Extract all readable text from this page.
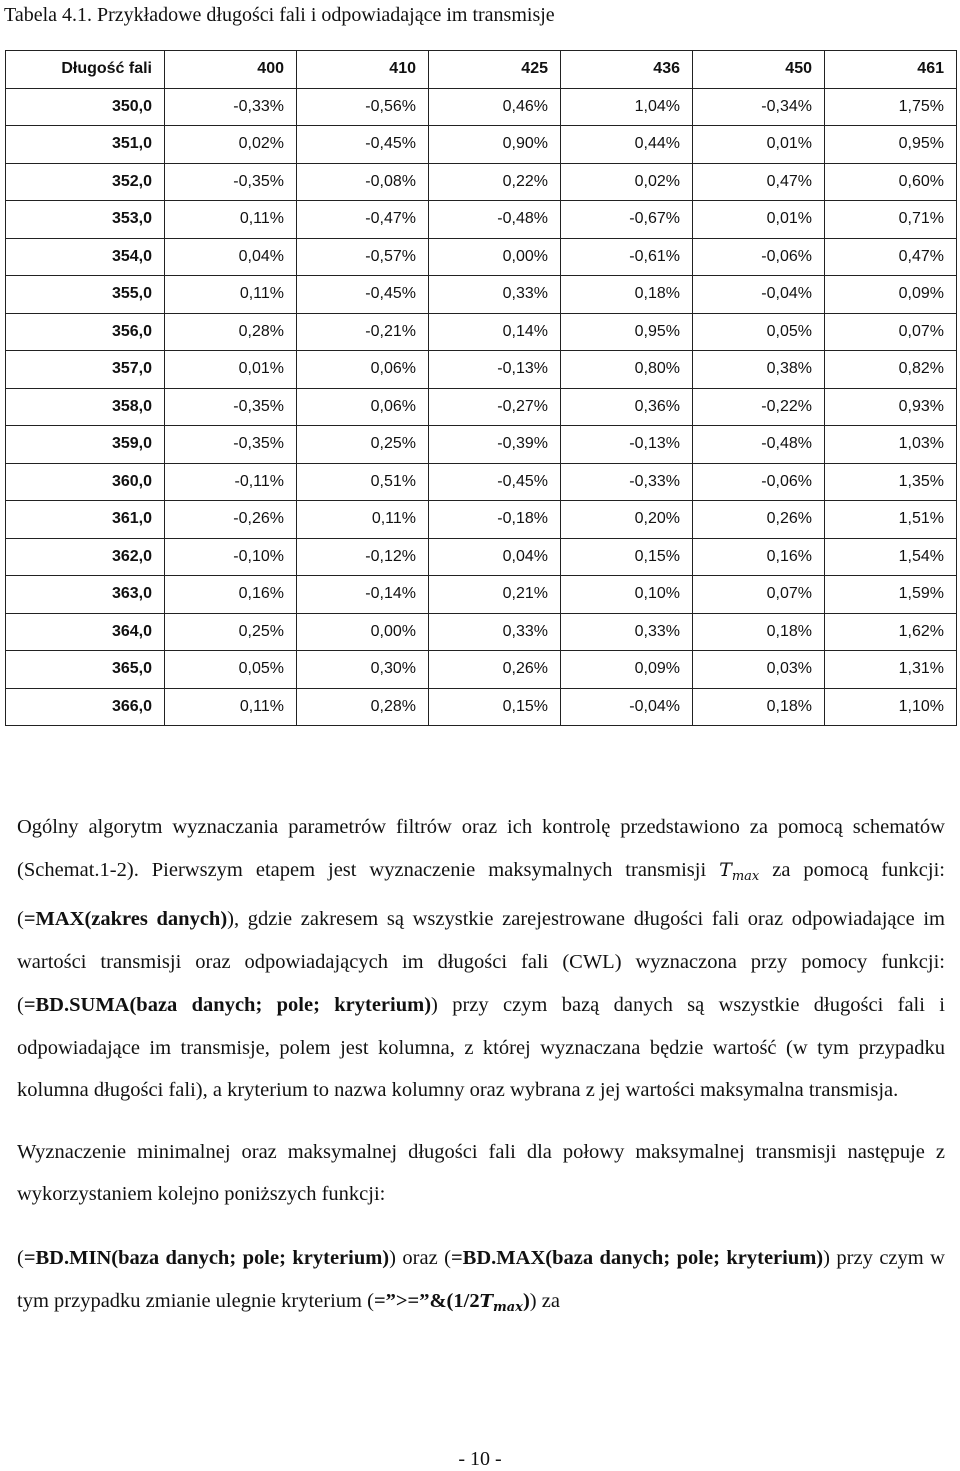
Tabela 4.1. Przykładowe długości fali i odpowiadające im transmisje
Długość fali	400	410	425	436	450	461
350,0	-0,33%	-0,56%	0,46%	1,04%	-0,34%	1,75%
351,0	0,02%	-0,45%	0,90%	0,44%	0,01%	0,95%
352,0	-0,35%	-0,08%	0,22%	0,02%	0,47%	0,60%
353,0	0,11%	-0,47%	-0,48%	-0,67%	0,01%	0,71%
354,0	0,04%	-0,57%	0,00%	-0,61%	-0,06%	0,47%
355,0	0,11%	-0,45%	0,33%	0,18%	-0,04%	0,09%
356,0	0,28%	-0,21%	0,14%	0,95%	0,05%	0,07%
357,0	0,01%	0,06%	-0,13%	0,80%	0,38%	0,82%
358,0	-0,35%	0,06%	-0,27%	0,36%	-0,22%	0,93%
359,0	-0,35%	0,25%	-0,39%	-0,13%	-0,48%	1,03%
360,0	-0,11%	0,51%	-0,45%	-0,33%	-0,06%	1,35%
361,0	-0,26%	0,11%	-0,18%	0,20%	0,26%	1,51%
362,0	-0,10%	-0,12%	0,04%	0,15%	0,16%	1,54%
363,0	0,16%	-0,14%	0,21%	0,10%	0,07%	1,59%
364,0	0,25%	0,00%	0,33%	0,33%	0,18%	1,62%
365,0	0,05%	0,30%	0,26%	0,09%	0,03%	1,31%
366,0	0,11%	0,28%	0,15%	-0,04%	0,18%	1,10%

Ogólny algorytm wyznaczania parametrów filtrów oraz ich kontrolę przedstawiono za pomocą schematów (Schemat.1-2). Pierwszym etapem jest wyznaczenie maksymalnych transmisji $T_{max}$ za pomocą funkcji: (=MAX(zakres danych)), gdzie zakresem są wszystkie zarejestrowane długości fali oraz odpowiadające im wartości transmisji oraz odpowiadających im długości fali (CWL) wyznaczona przy pomocy funkcji: (=BD.SUMA(baza danych; pole; kryterium)) przy czym bazą danych są wszystkie długości fali i odpowiadające im transmisje, polem jest kolumna, z której wyznaczana będzie wartość (w tym przypadku kolumna długości fali), a kryterium to nazwa kolumny oraz wybrana z jej wartości maksymalna transmisja.

Wyznaczenie minimalnej oraz maksymalnej długości fali dla połowy maksymalnej transmisji następuje z wykorzystaniem kolejno poniższych funkcji:

(=BD.MIN(baza danych; pole; kryterium)) oraz (=BD.MAX(baza danych; pole; kryterium)) przy czym w tym przypadku zmianie ulegnie kryterium $(=”>=”\&(1/2T_{max}))$ za

- 10 -
